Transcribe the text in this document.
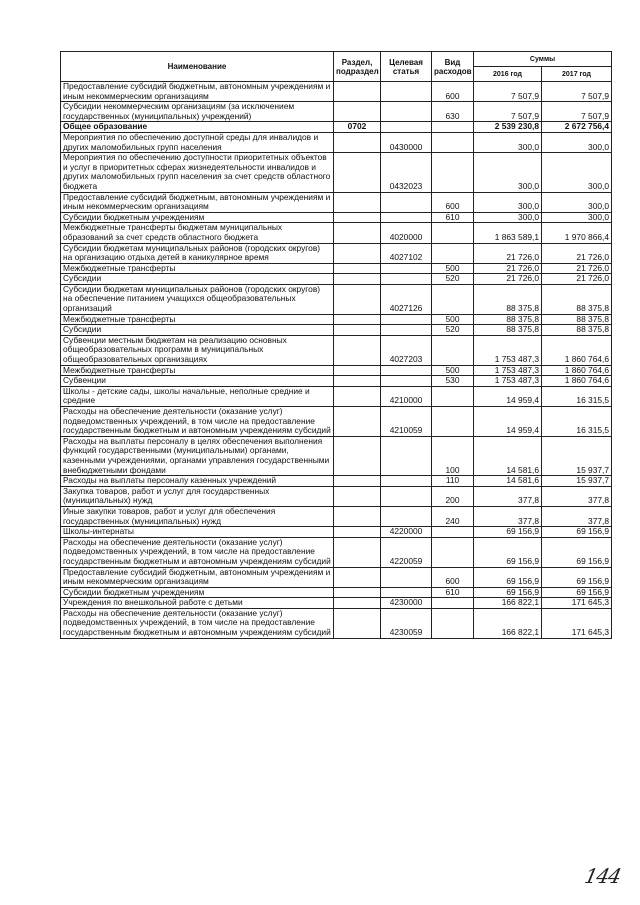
Наименование	Раздел, подраздел	Целевая статья	Вид расходов	Суммы	
				2016 год	2017 год
Предоставление субсидий бюджетным, автономным учреждениям и иным некоммерческим организациям			600	7 507,9	7 507,9
Субсидии некоммерческим организациям (за исключением государственных (муниципальных) учреждений)			630	7 507,9	7 507,9
Общее образование	0702			2 539 230,8	2 672 756,4
Мероприятия по обеспечению доступной среды для инвалидов и других маломобильных групп населения		0430000		300,0	300,0
Мероприятия по обеспечению доступности приоритетных объектов и услуг в приоритетных сферах жизнедеятельности инвалидов и других маломобильных групп населения за счет средств областного бюджета		0432023		300,0	300,0
Предоставление субсидий бюджетным, автономным учреждениям и иным некоммерческим организациям			600	300,0	300,0
Субсидии бюджетным учреждениям			610	300,0	300,0
Межбюджетные трансферты бюджетам муниципальных образований за счет средств областного бюджета		4020000		1 863 589,1	1 970 866,4
Субсидии бюджетам муниципальных районов (городских округов) на организацию отдыха детей в каникулярное время		4027102		21 726,0	21 726,0
Межбюджетные трансферты			500	21 726,0	21 726,0
Субсидии			520	21 726,0	21 726,0
Субсидии бюджетам муниципальных районов (городских округов) на обеспечение питанием учащихся общеобразовательных организаций		4027126		88 375,8	88 375,8
Межбюджетные трансферты			500	88 375,8	88 375,8
Субсидии			520	88 375,8	88 375,8
Субвенции местным бюджетам на реализацию основных общеобразовательных программ в муниципальных общеобразовательных организациях		4027203		1 753 487,3	1 860 764,6
Межбюджетные трансферты			500	1 753 487,3	1 860 764,6
Субвенции			530	1 753 487,3	1 860 764,6
Школы - детские сады, школы начальные, неполные средние и средние		4210000		14 959,4	16 315,5
Расходы на обеспечение деятельности (оказание услуг) подведомственных учреждений, в том числе на предоставление государственным бюджетным и автономным учреждениям субсидий		4210059		14 959,4	16 315,5
Расходы на выплаты персоналу в целях обеспечения выполнения функций государственными (муниципальными) органами, казенными учреждениями, органами управления государственными внебюджетными фондами			100	14 581,6	15 937,7
Расходы на выплаты персоналу казенных учреждений			110	14 581,6	15 937,7
Закупка товаров, работ и услуг для государственных (муниципальных) нужд			200	377,8	377,8
Иные закупки товаров, работ и услуг для обеспечения государственных (муниципальных) нужд			240	377,8	377,8
Школы-интернаты		4220000		69 156,9	69 156,9
Расходы на обеспечение деятельности (оказание услуг) подведомственных учреждений, в том числе на предоставление государственным бюджетным и автономным учреждениям субсидий		4220059		69 156,9	69 156,9
Предоставление субсидий бюджетным, автономным учреждениям и иным некоммерческим организациям			600	69 156,9	69 156,9
Субсидии бюджетным учреждениям			610	69 156,9	69 156,9
Учреждения по внешкольной работе с детьми		4230000		166 822,1	171 645,3
Расходы на обеспечение деятельности (оказание услуг) подведомственных учреждений, в том числе на предоставление государственным бюджетным и автономным учреждениям субсидий		4230059		166 822,1	171 645,3
144
